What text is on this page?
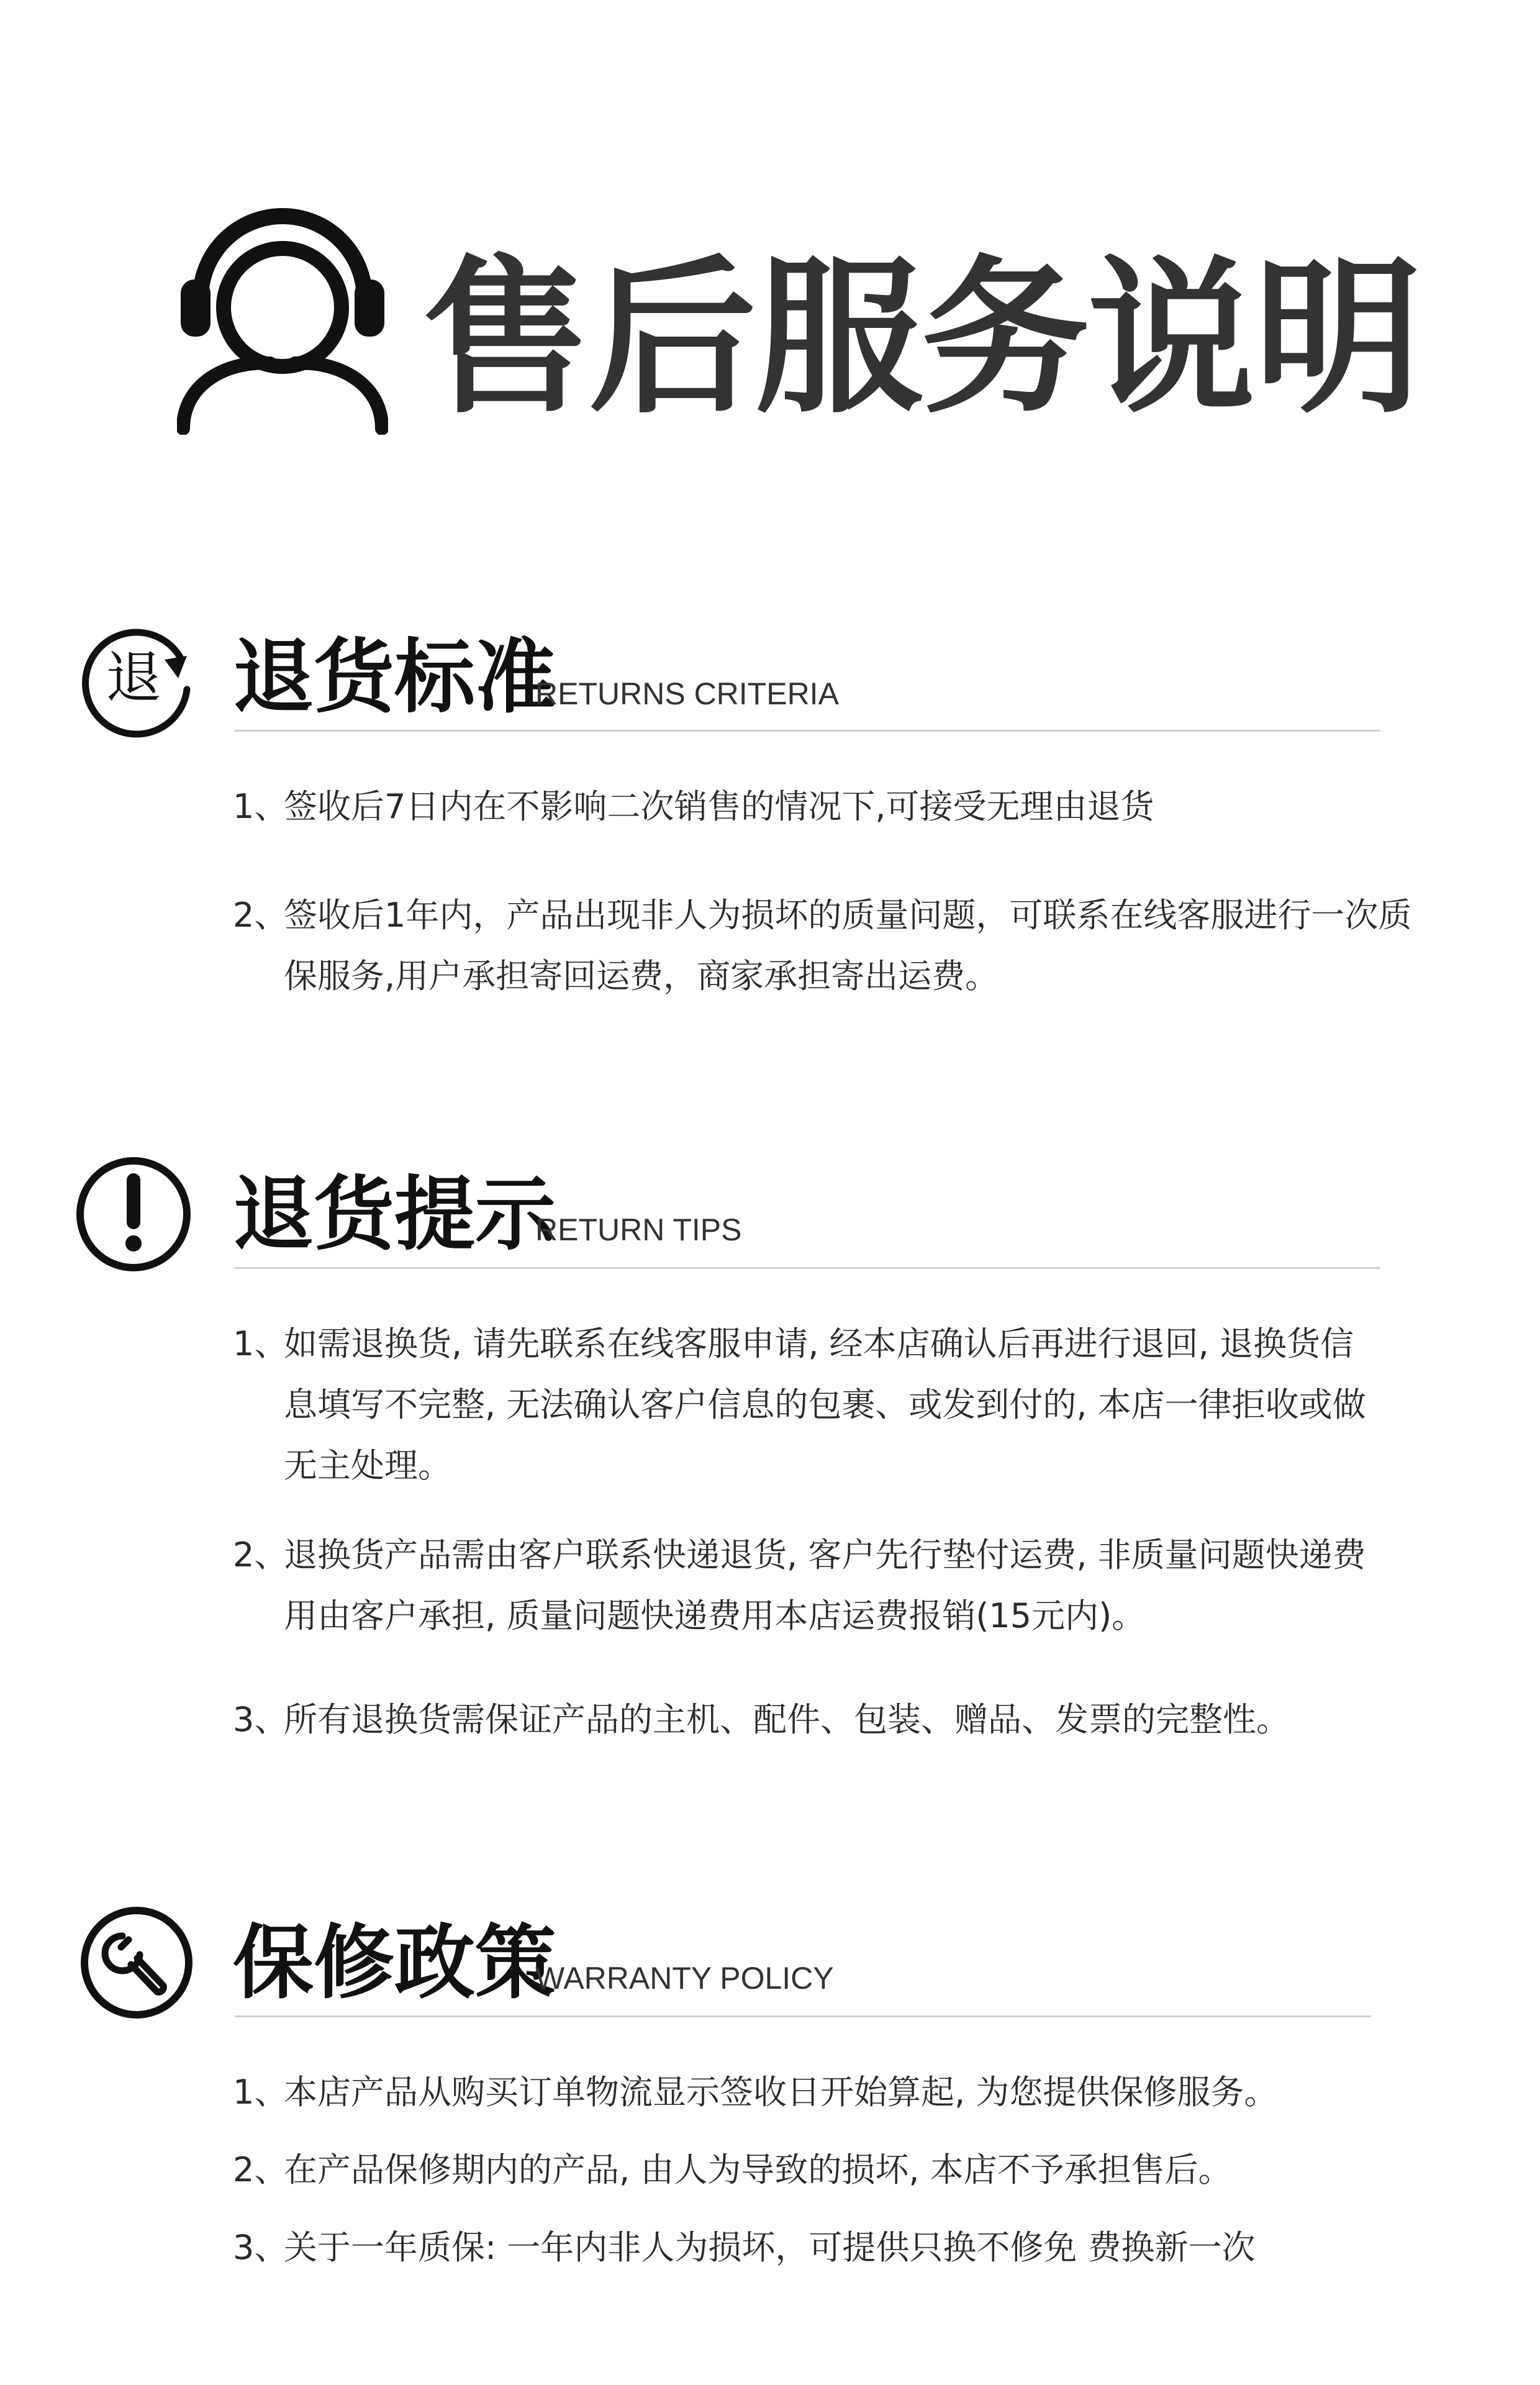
售后服务说明
退 退货标准
RETURNS CRITERIA
1、
签收后7日内在不影响二次销售的情况下,可接受无理由退货
2、
签收后1年内，产品出现非人为损坏的质量问题，可联系在线客服进行一次质保服务,用户承担寄回运费，商家承担寄出运费。
退货提示
RETURN TIPS
1、
如需退换货, 请先联系在线客服申请, 经本店确认后再进行退回, 退换货信息填写不完整, 无法确认客户信息的包裹、或发到付的, 本店一律拒收或做无主处理。
2、
退换货产品需由客户联系快递退货, 客户先行垫付运费, 非质量问题快递费用由客户承担, 质量问题快递费用本店运费报销(15元内)。
3、
所有退换货需保证产品的主机、配件、包装、赠品、发票的完整性。
保修政策
WARRANTY POLICY
1、
本店产品从购买订单物流显示签收日开始算起, 为您提供保修服务。
2、
在产品保修期内的产品, 由人为导致的损坏, 本店不予承担售后。
3、
关于一年质保: 一年内非人为损坏，可提供只换不修免 费换新一次
